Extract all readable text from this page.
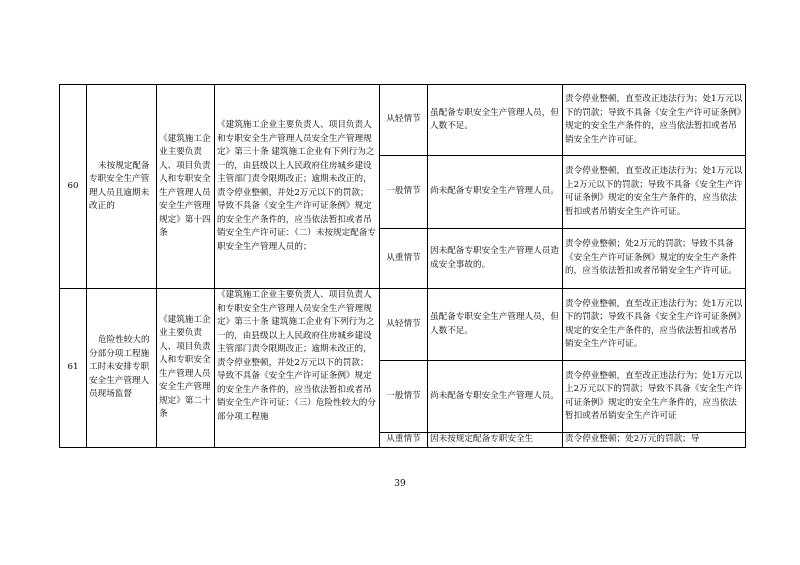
60	未按规定配备专职安全生产管理人员且逾期未改正的	《建筑施工企业主要负责人、项目负责人和专职安全生产管理人员安全生产管理规定》第十四条	《建筑施工企业主要负责人、项目负责人和专职安全生产管理人员安全生产管理规定》第三十条 建筑施工企业有下列行为之一的，由县级以上人民政府住房城乡建设主管部门责令限期改正；逾期未改正的，责令停业整顿，并处2万元以下的罚款；导致不具备《安全生产许可证条例》规定的安全生产条件的，应当依法暂扣或者吊销安全生产许可证：（二）未按规定配备专职安全生产管理人员的；	从轻情节	虽配备专职安全生产管理人员，但人数不足。	责令停业整顿，直至改正违法行为；处1万元以下的罚款；导致不具备《安全生产许可证条例》规定的安全生产条件的，应当依法暂扣或者吊销安全生产许可证。
				一般情节	尚未配备专职安全生产管理人员。	责令停业整顿，直至改正违法行为；处1万元以上2万元以下的罚款；导致不具备《安全生产许可证条例》规定的安全生产条件的，应当依法暂扣或者吊销安全生产许可证。
				从重情节	因未配备专职安全生产管理人员造成安全事故的。	责令停业整顿；处2万元的罚款；导致不具备《安全生产许可证条例》规定的安全生产条件的，应当依法暂扣或者吊销安全生产许可证。
61	危险性较大的分部分项工程施工时未安排专职安全生产管理人员现场监督	《建筑施工企业主要负责人、项目负责人和专职安全生产管理人员安全生产管理规定》第二十条	《建筑施工企业主要负责人、项目负责人和专职安全生产管理人员安全生产管理规定》第三十条 建筑施工企业有下列行为之一的，由县级以上人民政府住房城乡建设主管部门责令限期改正；逾期未改正的，责令停业整顿，并处2万元以下的罚款；导致不具备《安全生产许可证条例》规定的安全生产条件的，应当依法暂扣或者吊销安全生产许可证：（三）危险性较大的分部分项工程施	从轻情节	虽配备专职安全生产管理人员，但人数不足。	责令停业整顿，直至改正违法行为；处1万元以下的罚款；导致不具备《安全生产许可证条例》规定的安全生产条件的，应当依法暂扣或者吊销安全生产许可证。
				一般情节	尚未配备专职安全生产管理人员。	责令停业整顿，直至改正违法行为；处1万元以上2万元以下的罚款；导致不具备《安全生产许可证条例》规定的安全生产条件的，应当依法暂扣或者吊销安全生产许可证
				从重情节	因未按规定配备专职安全生	责令停业整顿；处2万元的罚款；导
39
